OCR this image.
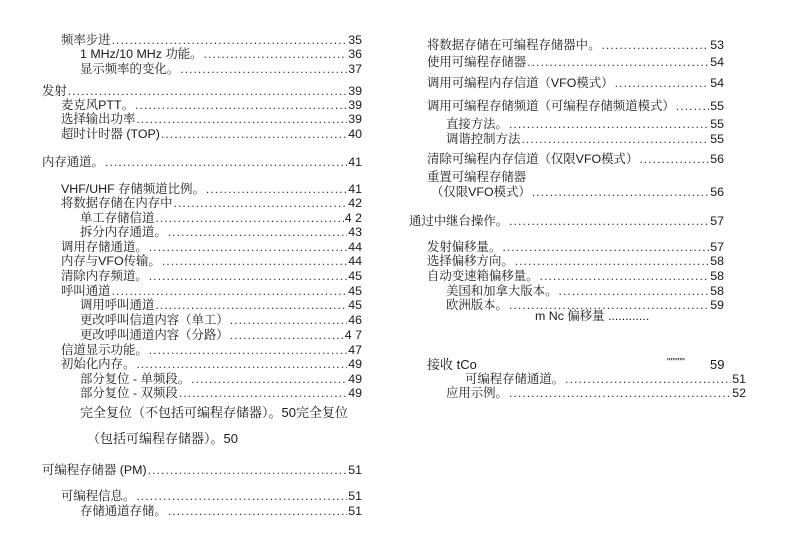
频率步进 .....	35
1 MHz/10 MHz 功能。 .....	36
显示频率的变化。 .....	37
发射 .....	39
麦克风PTT。 .....	39
选择输出功率 .....	39
超时计时器 (TOP) .....	40
内存通道。 .....	41
VHF/UHF 存储频道比例。 .....	41
将数据存储在内存中 .....	42
单工存储信道 .....	4 2
拆分内存通道。 .....	43
调用存储通道。 .....	44
内存与VFO传输。 .....	44
清除内存频道。 .....	45
呼叫通道 .....	45
调用呼叫通道 .....	45
更改呼叫信道内容（单工） .....	46
更改呼叫通道内容（分路） .....	4 7
信道显示功能。 .....	47
初始化内存。 .....	49
部分复位 - 单频段。 .....	49
部分复位 - 双频段 .....	49
完全复位（不包括可编程存储器）。50完全复位
（包括可编程存储器）。50
可编程存储器 (PM) .....	51
可编程信息。 .....	51
存储通道存储。 .....	51
将数据存储在可编程存储器中。 .....	53
使用可编程存储器 .....	54
调用可编程内存信道（VFO模式） .....	54
调用可编程存储频道（可编程存储频道模式） .....	55
直接方法。 .....	55
调谐控制方法 .....	55
清除可编程内存信道（仅限VFO模式） .....	56
重置可编程存储器
（仅限VFO模式） .....	56
通过中继台操作。 .....	57
发射偏移量。 .....	57
选择偏移方向。 .....	58
自动变速箱偏移量。 .....	58
美国和加拿大版本。 .....	58
欧洲版本。 .....	59
m Nc 偏移量 ............
接收 tCo	""""" 59
可编程存储通道。 .....	51
应用示例。 .....	52
